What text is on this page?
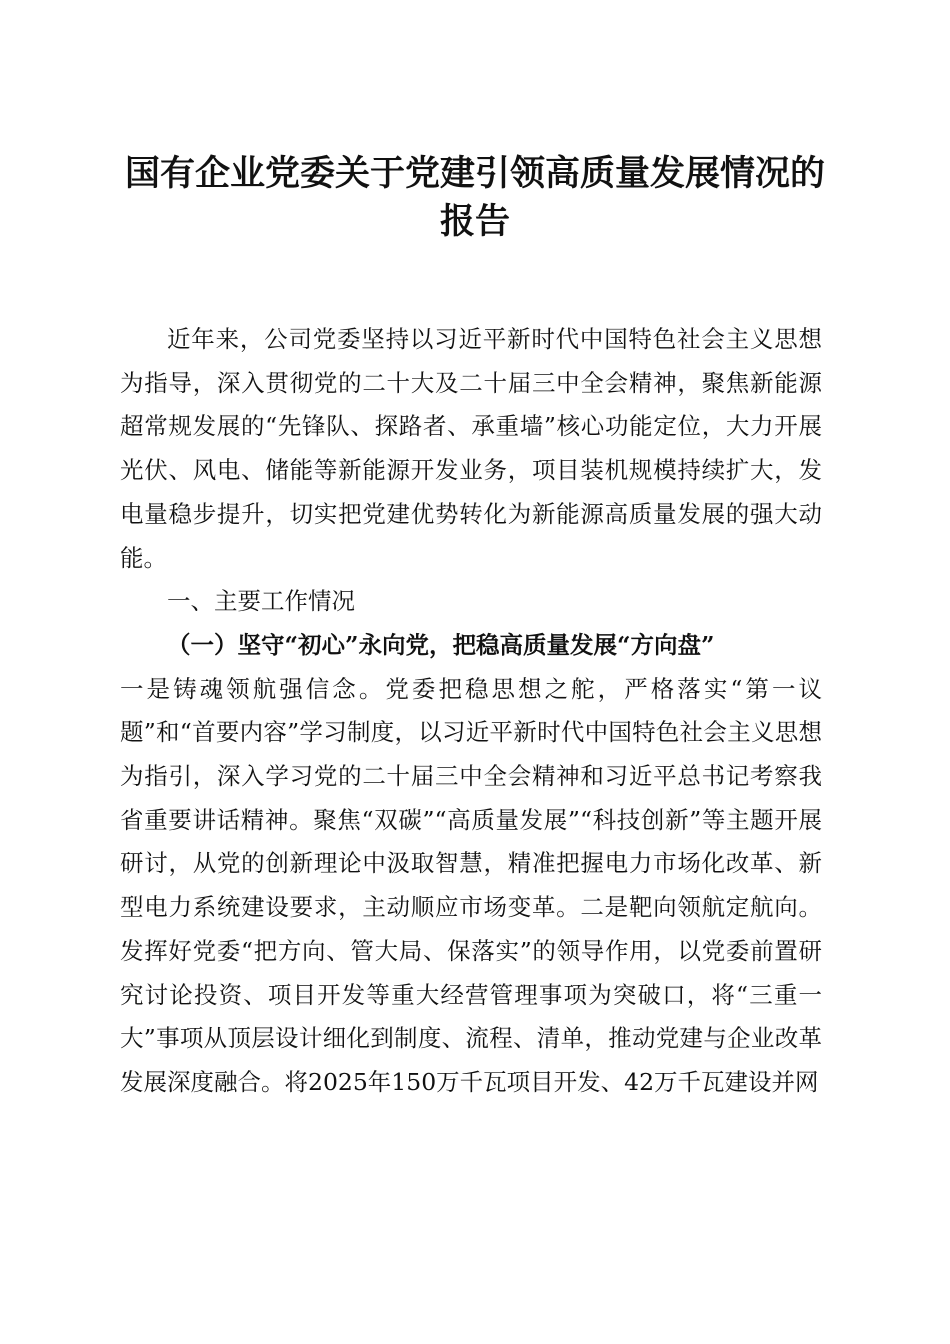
国有企业党委关于党建引领高质量发展情况的报告

近年来，公司党委坚持以习近平新时代中国特色社会主义思想为指导，深入贯彻党的二十大及二十届三中全会精神，聚焦新能源超常规发展的“先锋队、探路者、承重墙”核心功能定位，大力开展光伏、风电、储能等新能源开发业务，项目装机规模持续扩大，发电量稳步提升，切实把党建优势转化为新能源高质量发展的强大动能。

一、主要工作情况

（一）坚守“初心”永向党，把稳高质量发展“方向盘”

一是铸魂领航强信念。党委把稳思想之舵，严格落实“第一议题”和“首要内容”学习制度，以习近平新时代中国特色社会主义思想为指引，深入学习党的二十届三中全会精神和习近平总书记考察我省重要讲话精神。聚焦“双碳”“高质量发展”“科技创新”等主题开展研讨，从党的创新理论中汲取智慧，精准把握电力市场化改革、新型电力系统建设要求，主动顺应市场变革。二是靶向领航定航向。发挥好党委“把方向、管大局、保落实”的领导作用，以党委前置研究讨论投资、项目开发等重大经营管理事项为突破口，将“三重一大”事项从顶层设计细化到制度、流程、清单，推动党建与企业改革发展深度融合。将2025年150万千瓦项目开发、42万千瓦建设并网
